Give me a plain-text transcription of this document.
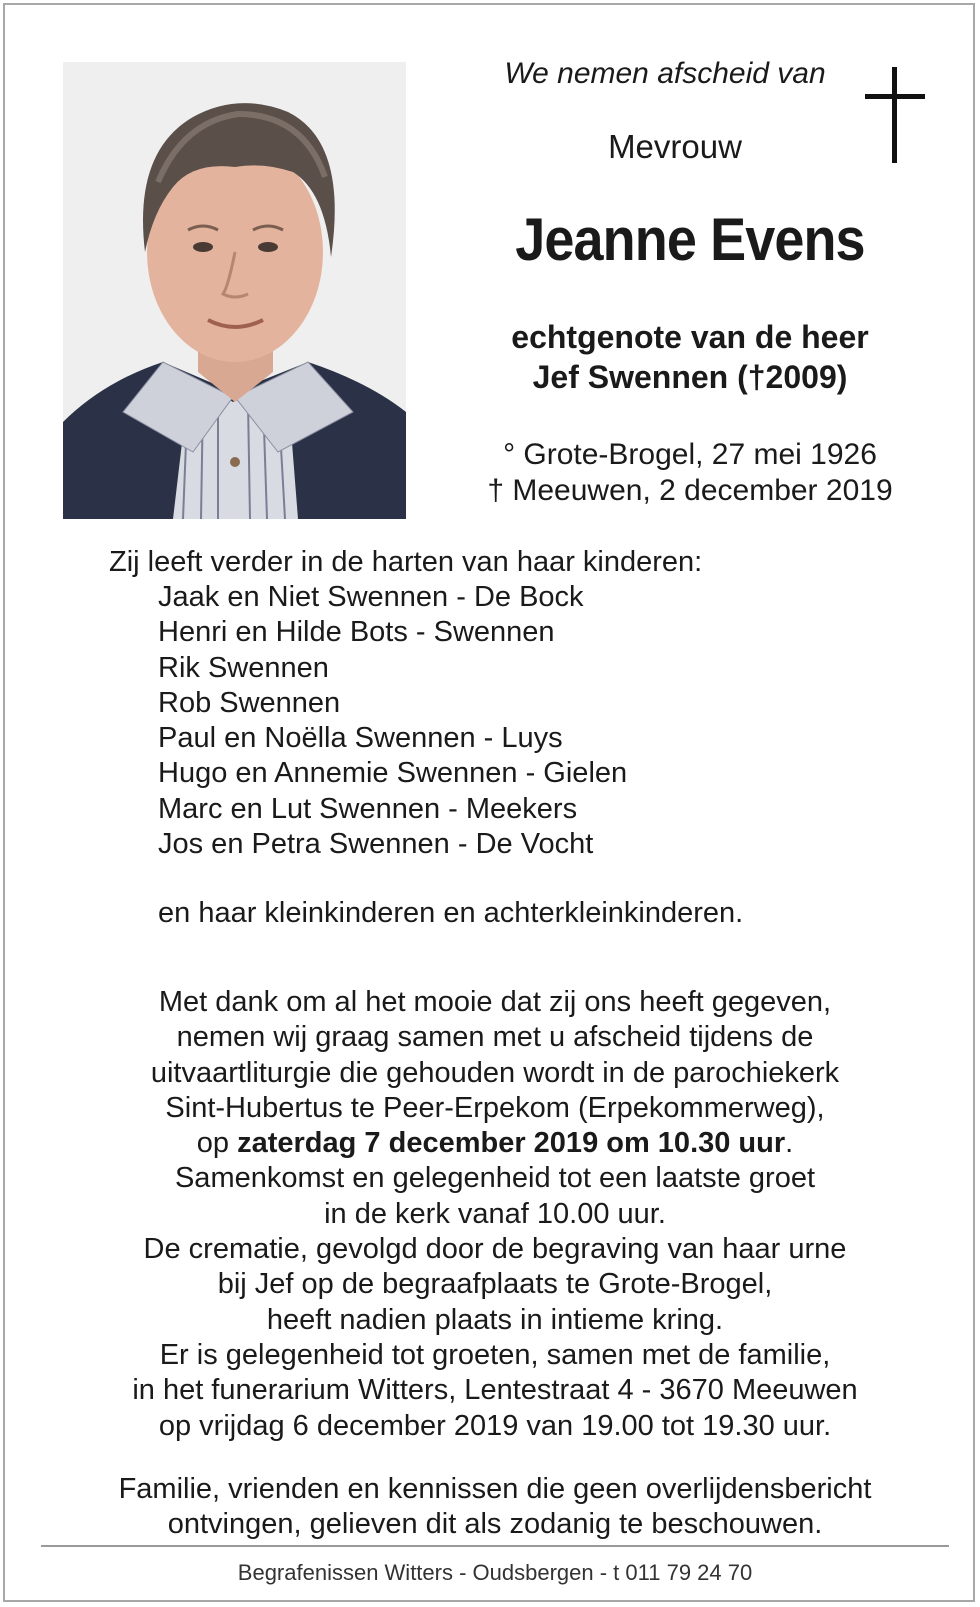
We nemen afscheid van
Mevrouw
Jeanne Evens
echtgenote van de heer
Jef Swennen (†2009)
° Grote-Brogel, 27 mei 1926
† Meeuwen, 2 december 2019
Zij leeft verder in de harten van haar kinderen:
Jaak en Niet Swennen - De Bock
Henri en Hilde Bots - Swennen
Rik Swennen
Rob Swennen
Paul en Noëlla Swennen - Luys
Hugo en Annemie Swennen - Gielen
Marc en Lut Swennen - Meekers
Jos en Petra Swennen - De Vocht
en haar kleinkinderen en achterkleinkinderen.
Met dank om al het mooie dat zij ons heeft gegeven,
nemen wij graag samen met u afscheid tijdens de
uitvaartliturgie die gehouden wordt in de parochiekerk
Sint-Hubertus te Peer-Erpekom (Erpekommerweg),
op zaterdag 7 december 2019 om 10.30 uur.
Samenkomst en gelegenheid tot een laatste groet
in de kerk vanaf 10.00 uur.
De crematie, gevolgd door de begraving van haar urne
bij Jef op de begraafplaats te Grote-Brogel,
heeft nadien plaats in intieme kring.
Er is gelegenheid tot groeten, samen met de familie,
in het funerarium Witters, Lentestraat 4 - 3670 Meeuwen
op vrijdag 6 december 2019 van 19.00 tot 19.30 uur.
Familie, vrienden en kennissen die geen overlijdensbericht
ontvingen, gelieven dit als zodanig te beschouwen.
Begrafenissen Witters - Oudsbergen - t 011 79 24 70
